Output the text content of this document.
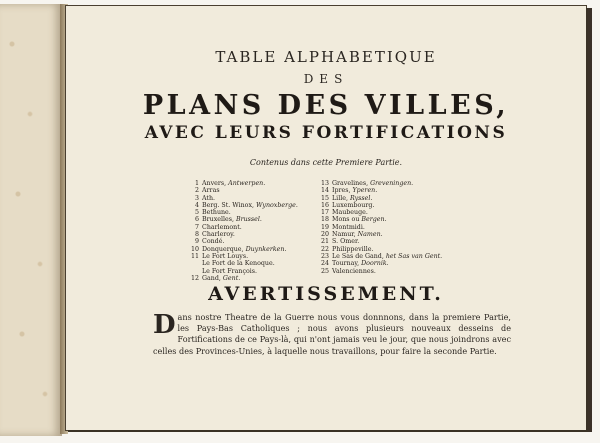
TABLE ALPHABETIQUE
DES
PLANS DES VILLES,
AVEC LEURS FORTIFICATIONS
Contenus dans cette Premiere Partie.
1 Anvers, Antwerpen.
2 Arras
3 Ath.
4 Berg. St. Winox, Wynoxberge.
5 Bethune.
6 Bruxelles, Brussel.
7 Charlemont.
8 Charleroy.
9 Condé.
10 Donquerque, Duynkerken.
11 Le Fort Louys.
Le Fort de la Kenoque.
Le Fort François.
12 Gand, Gent.
13 Gravelines, Greveningen.
14 Ipres, Yperen.
15 Lille, Ryssel.
16 Luxembourg.
17 Maubeuge.
18 Mons ou Bergen.
19 Montmidi.
20 Namur, Namen.
21 S. Omer.
22 Philippeville.
23 Le Sas de Gand, het Sas van Gent.
24 Tournay, Doornik.
25 Valenciennes.
AVERTISSEMENT.
Dans nostre Theatre de la Guerre nous vous donnnons, dans la premiere Partie, les Pays-Bas Catholiques ; nous avons plusieurs nouveaux desseins de Fortifications de ce Pays-là, qui n'ont jamais veu le jour, que nous joindrons avec celles des Provinces-Unies, à laquelle nous travaillons, pour faire la seconde Partie.
